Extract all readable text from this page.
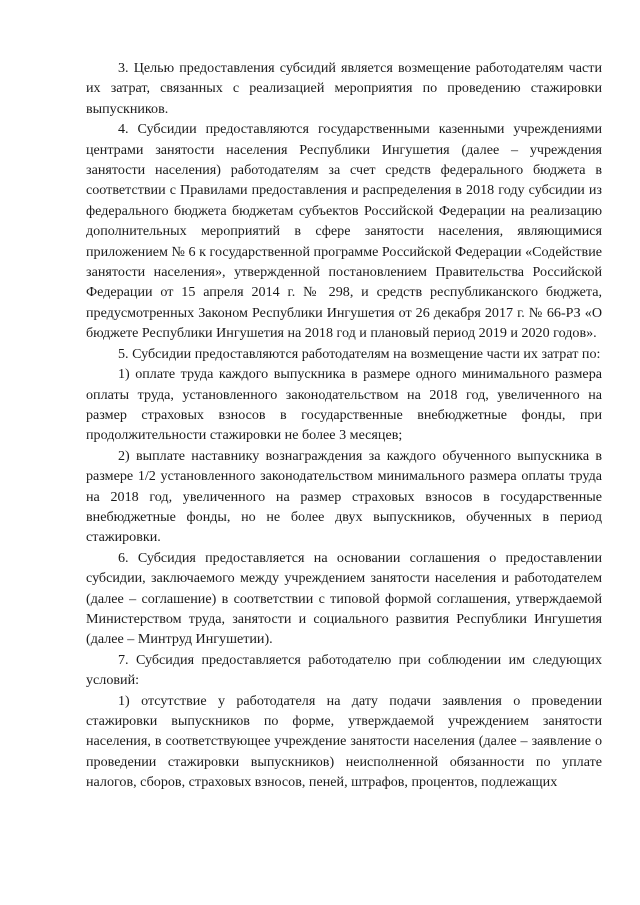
3. Целью предоставления субсидий является возмещение работодателям части их затрат, связанных с реализацией мероприятия по проведению стажировки выпускников.

4. Субсидии предоставляются государственными казенными учреждениями центрами занятости населения Республики Ингушетия (далее – учреждения занятости населения) работодателям за счет средств федерального бюджета в соответствии с Правилами предоставления и распределения в 2018 году субсидии из федерального бюджета бюджетам субъектов Российской Федерации на реализацию дополнительных мероприятий в сфере занятости населения, являющимися приложением № 6 к государственной программе Российской Федерации «Содействие занятости населения», утвержденной постановлением Правительства Российской Федерации от 15 апреля 2014 г. № 298, и средств республиканского бюджета, предусмотренных Законом Республики Ингушетия от 26 декабря 2017 г. № 66-РЗ «О бюджете Республики Ингушетия на 2018 год и плановый период 2019 и 2020 годов».

5. Субсидии предоставляются работодателям на возмещение части их затрат по:

1) оплате труда каждого выпускника в размере одного минимального размера оплаты труда, установленного законодательством на 2018 год, увеличенного на размер страховых взносов в государственные внебюджетные фонды, при продолжительности стажировки не более 3 месяцев;

2) выплате наставнику вознаграждения за каждого обученного выпускника в размере 1/2 установленного законодательством минимального размера оплаты труда на 2018 год, увеличенного на размер страховых взносов в государственные внебюджетные фонды, но не более двух выпускников, обученных в период стажировки.

6. Субсидия предоставляется на основании соглашения о предоставлении субсидии, заключаемого между учреждением занятости населения и работодателем (далее – соглашение) в соответствии с типовой формой соглашения, утверждаемой Министерством труда, занятости и социального развития Республики Ингушетия (далее – Минтруд Ингушетии).

7. Субсидия предоставляется работодателю при соблюдении им следующих условий:

1) отсутствие у работодателя на дату подачи заявления о проведении стажировки выпускников по форме, утверждаемой учреждением занятости населения, в соответствующее учреждение занятости населения (далее – заявление о проведении стажировки выпускников) неисполненной обязанности по уплате налогов, сборов, страховых взносов, пеней, штрафов, процентов, подлежащих
